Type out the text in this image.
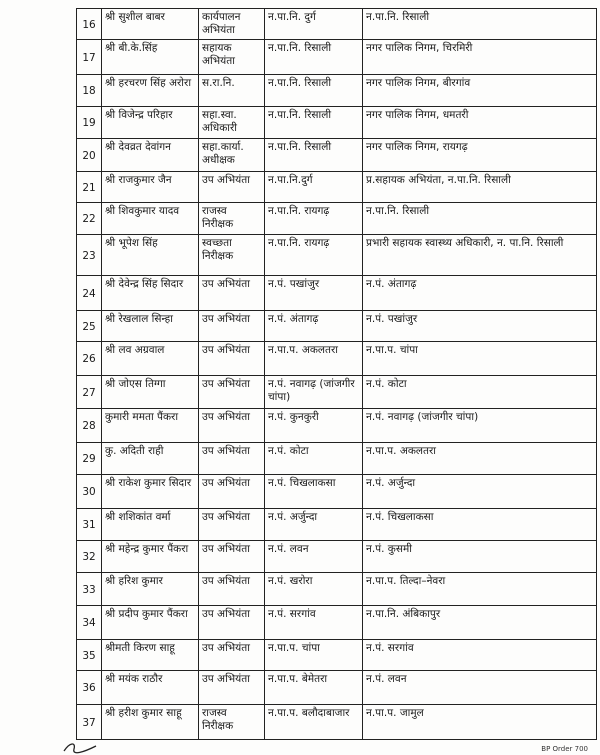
16	श्री सुशील बाबर	कार्यपालन अभियंता	न.पा.नि. दुर्ग	न.पा.नि. रिसाली
17	श्री बी.के.सिंह	सहायक अभियंता	न.पा.नि. रिसाली	नगर पालिक निगम, चिरमिरी
18	श्री हरचरण सिंह अरोरा	स.रा.नि.	न.पा.नि. रिसाली	नगर पालिक निगम, बीरगांव
19	श्री विजेन्द्र परिहार	सहा.स्वा. अधिकारी	न.पा.नि. रिसाली	नगर पालिक निगम, धमतरी
20	श्री देवव्रत देवांगन	सहा.कार्या. अधीक्षक	न.पा.नि. रिसाली	नगर पालिक निगम, रायगढ़
21	श्री राजकुमार जैन	उप अभियंता	न.पा.नि.दुर्ग	प्र.सहायक अभियंता, न.पा.नि. रिसाली
22	श्री शिवकुमार यादव	राजस्व निरीक्षक	न.पा.नि. रायगढ़	न.पा.नि. रिसाली
23	श्री भूपेश सिंह	स्वच्छता निरीक्षक	न.पा.नि. रायगढ़	प्रभारी सहायक स्वास्थ्य अधिकारी, न. पा.नि. रिसाली
24	श्री देवेन्द्र सिंह सिदार	उप अभियंता	न.पं. पखांजुर	न.पं. अंतागढ़
25	श्री रेखलाल सिन्हा	उप अभियंता	न.पं. अंतागढ़	न.पं. पखांजुर
26	श्री लव अग्रवाल	उप अभियंता	न.पा.प. अकलतरा	न.पा.प. चांपा
27	श्री जोएस तिग्गा	उप अभियंता	न.पं. नवागढ़ (जांजगीर चांपा)	न.पं. कोटा
28	कुमारी ममता पैंकरा	उप अभियंता	न.पं. कुनकुरी	न.पं. नवागढ़ (जांजगीर चांपा)
29	कु. अदिती राही	उप अभियंता	न.पं. कोटा	न.पा.प. अकलतरा
30	श्री राकेश कुमार सिदार	उप अभियंता	न.पं. चिखलाकसा	न.पं. अर्जुन्दा
31	श्री शशिकांत वर्मा	उप अभियंता	न.पं. अर्जुन्दा	न.पं. चिखलाकसा
32	श्री महेन्द्र कुमार पैंकरा	उप अभियंता	न.पं. लवन	न.पं. कुसमी
33	श्री हरिश कुमार	उप अभियंता	न.पं. खरोरा	न.पा.प. तिल्दा–नेवरा
34	श्री प्रदीप कुमार पैंकरा	उप अभियंता	न.पं. सरगांव	न.पा.नि. अंबिकापुर
35	श्रीमती किरण साहू	उप अभियंता	न.पा.प. चांपा	न.पं. सरगांव
36	श्री मयंक राठौर	उप अभियंता	न.पा.प. बेमेतरा	न.पं. लवन
37	श्री हरीश कुमार साहू	राजस्व निरीक्षक	न.पा.प. बलौदाबाजार	न.पा.प. जामुल
BP Order 700
